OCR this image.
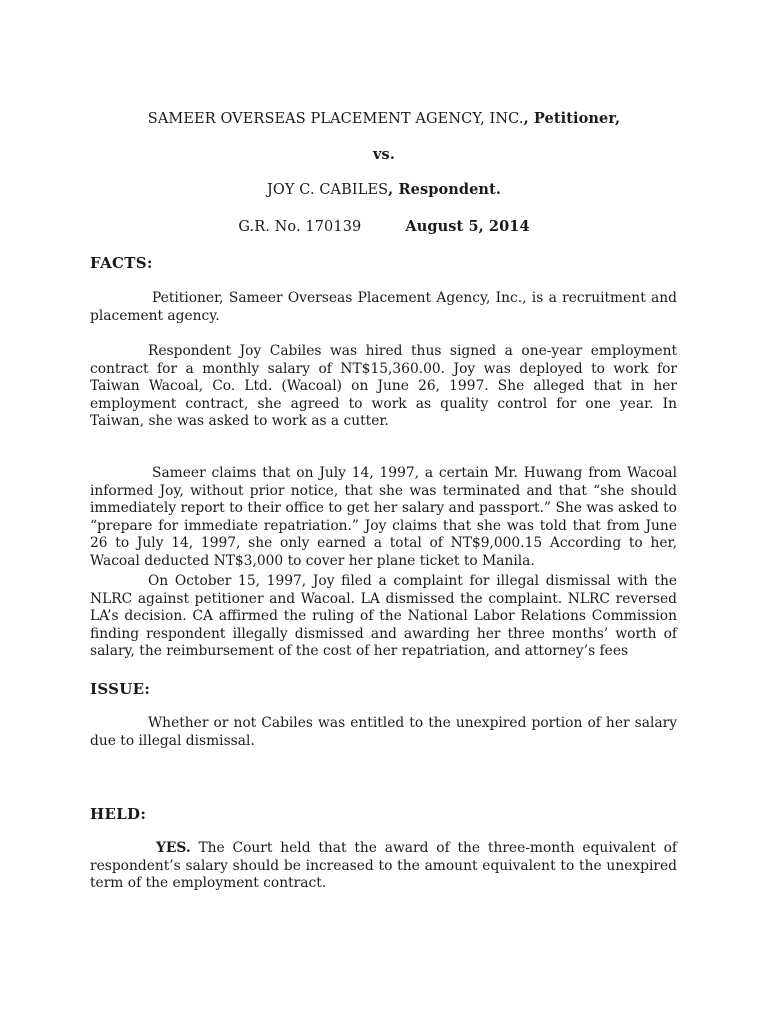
SAMEER OVERSEAS PLACEMENT AGENCY, INC., Petitioner,
vs.
JOY C. CABILES, Respondent.
G.R. No. 170139	August 5, 2014
FACTS:

Petitioner, Sameer Overseas Placement Agency, Inc., is a recruitment and placement agency.

Respondent Joy Cabiles was hired thus signed a one-year employment contract for a monthly salary of NT$15,360.00. Joy was deployed to work for Taiwan Wacoal, Co. Ltd. (Wacoal) on June 26, 1997. She alleged that in her employment contract, she agreed to work as quality control for one year. In Taiwan, she was asked to work as a cutter.

Sameer claims that on July 14, 1997, a certain Mr. Huwang from Wacoal informed Joy, without prior notice, that she was terminated and that “she should immediately report to their office to get her salary and passport.” She was asked to “prepare for immediate repatriation.” Joy claims that she was told that from June 26 to July 14, 1997, she only earned a total of NT$9,000.15 According to her, Wacoal deducted NT$3,000 to cover her plane ticket to Manila.

On October 15, 1997, Joy filed a complaint for illegal dismissal with the NLRC against petitioner and Wacoal. LA dismissed the complaint. NLRC reversed LA’s decision. CA affirmed the ruling of the National Labor Relations Commission finding respondent illegally dismissed and awarding her three months’ worth of salary, the reimbursement of the cost of her repatriation, and attorney’s fees

ISSUE:

Whether or not Cabiles was entitled to the unexpired portion of her salary due to illegal dismissal.

HELD:

YES. The Court held that the award of the three-month equivalent of respondent’s salary should be increased to the amount equivalent to the unexpired term of the employment contract.
